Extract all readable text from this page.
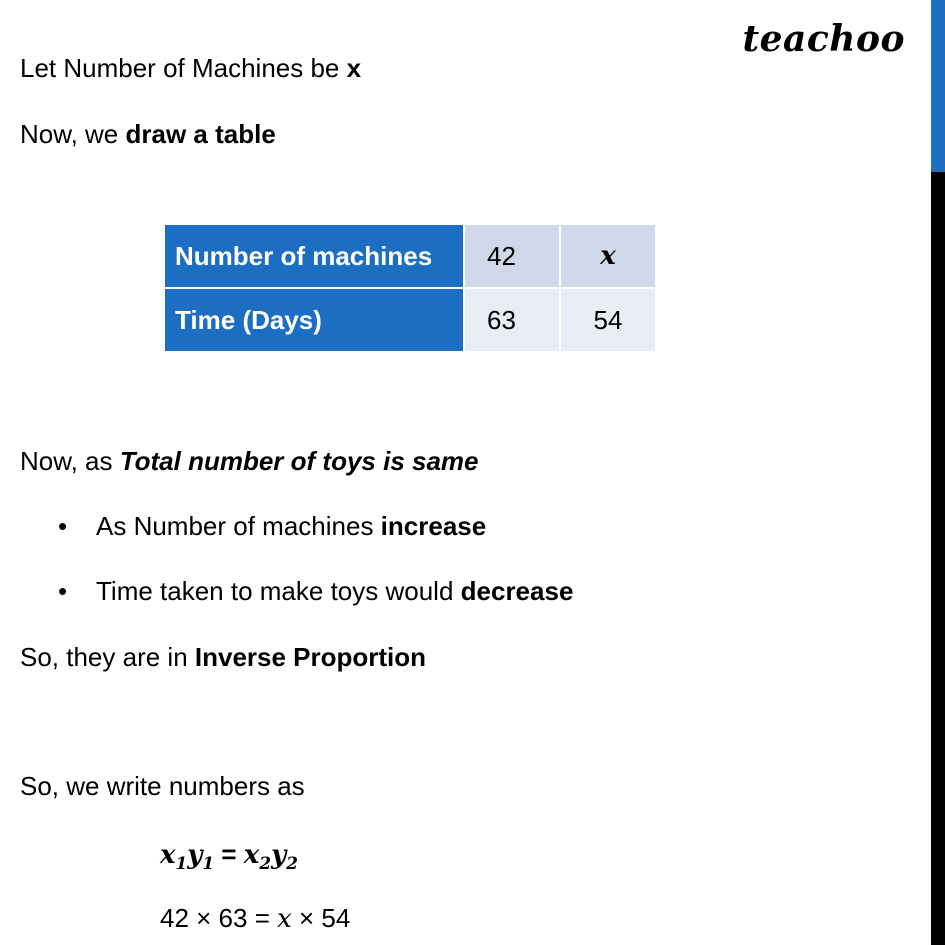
teachoo
Let Number of Machines be x
Now, we draw a table
Number of machines	42	x
Time (Days)	63	54
Now, as Total number of toys is same
• As Number of machines increase
• Time taken to make toys would decrease
So, they are in Inverse Proportion
So, we write numbers as
$x_1y_1 = x_2y_2$
42 × 63 = x × 54
